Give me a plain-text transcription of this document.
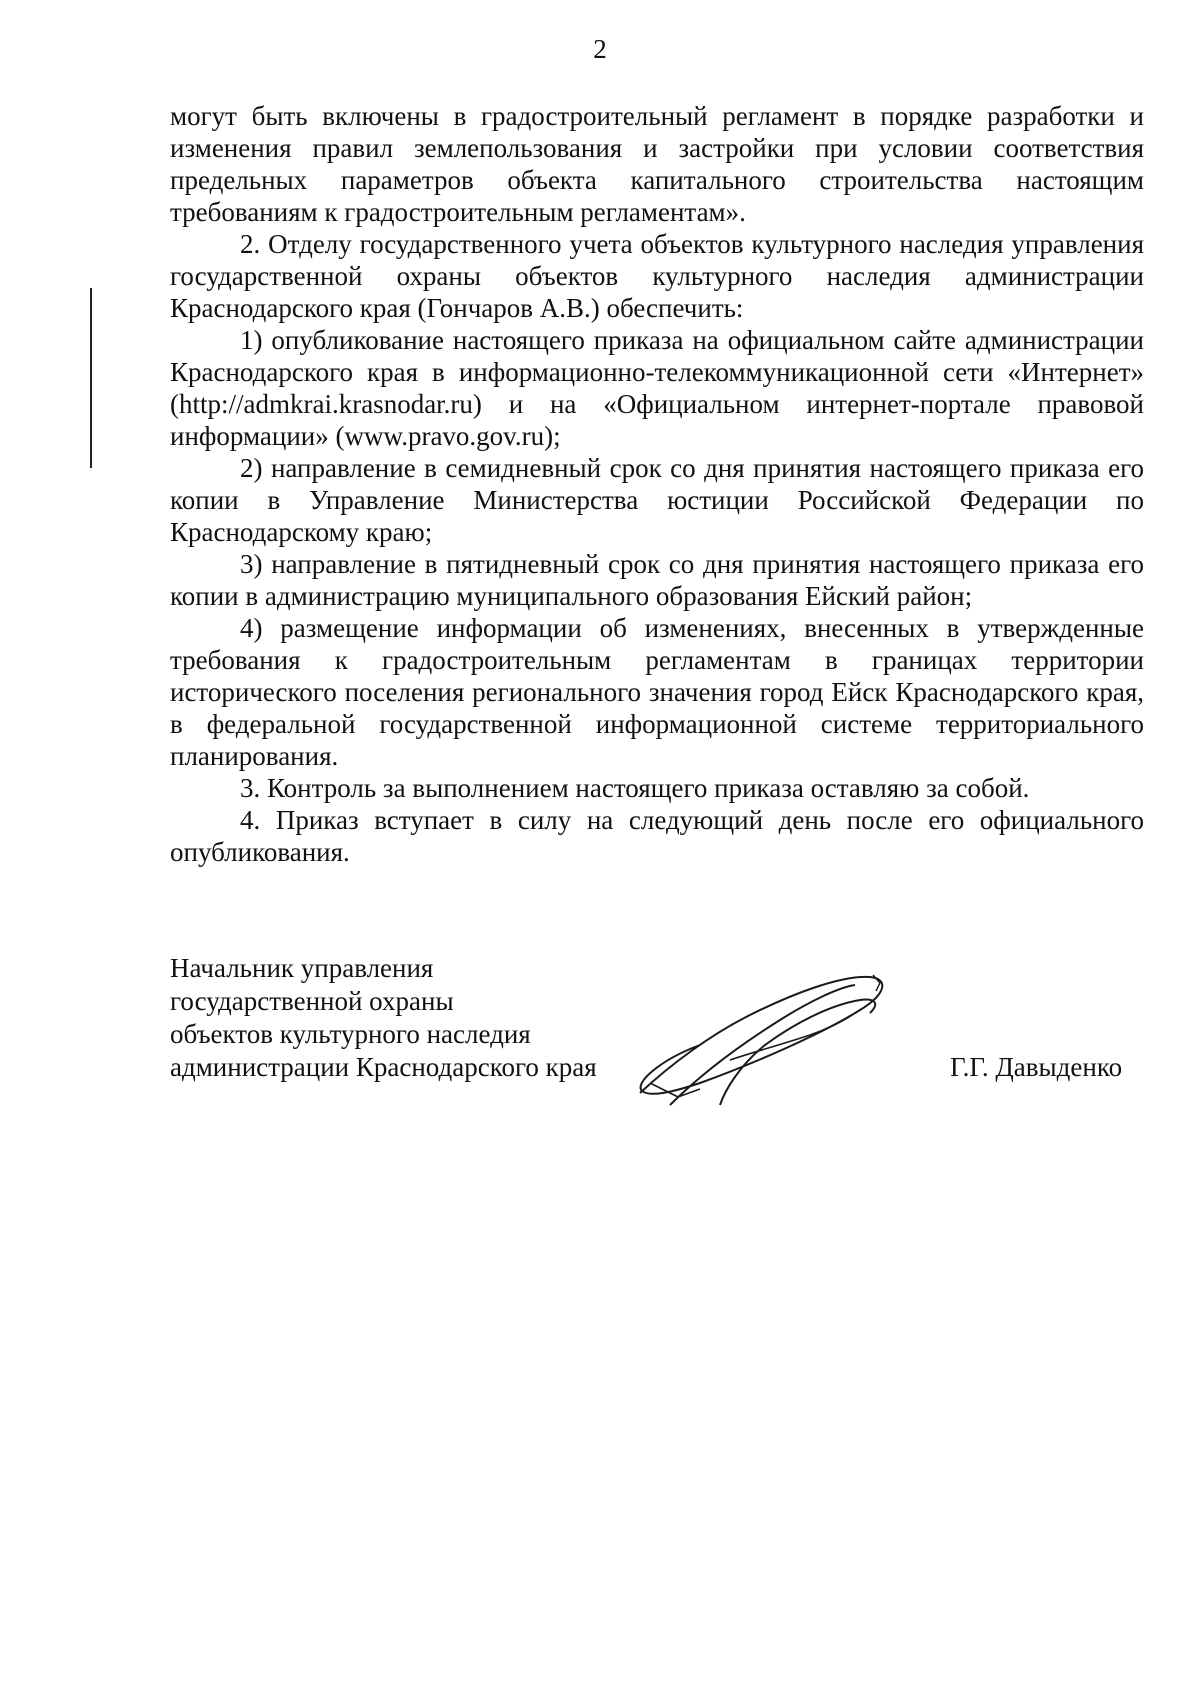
2

могут быть включены в градостроительный регламент в порядке разработки и изменения правил землепользования и застройки при условии соответствия предельных параметров объекта капитального строительства настоящим требованиям к градостроительным регламентам».

2. Отделу государственного учета объектов культурного наследия управления государственной охраны объектов культурного наследия администрации Краснодарского края (Гончаров А.В.) обеспечить:

1) опубликование настоящего приказа на официальном сайте администрации Краснодарского края в информационно-телекоммуникационной сети «Интернет» (http://admkrai.krasnodar.ru) и на «Официальном интернет-портале правовой информации» (www.pravo.gov.ru);

2) направление в семидневный срок со дня принятия настоящего приказа его копии в Управление Министерства юстиции Российской Федерации по Краснодарскому краю;

3) направление в пятидневный срок со дня принятия настоящего приказа его копии в администрацию муниципального образования Ейский район;

4) размещение информации об изменениях, внесенных в утвержденные требования к градостроительным регламентам в границах территории исторического поселения регионального значения город Ейск Краснодарского края, в федеральной государственной информационной системе территориального планирования.

3. Контроль за выполнением настоящего приказа оставляю за собой.

4. Приказ вступает в силу на следующий день после его официального опубликования.

Начальник управления
государственной охраны
объектов культурного наследия
администрации Краснодарского края	Г.Г. Давыденко
